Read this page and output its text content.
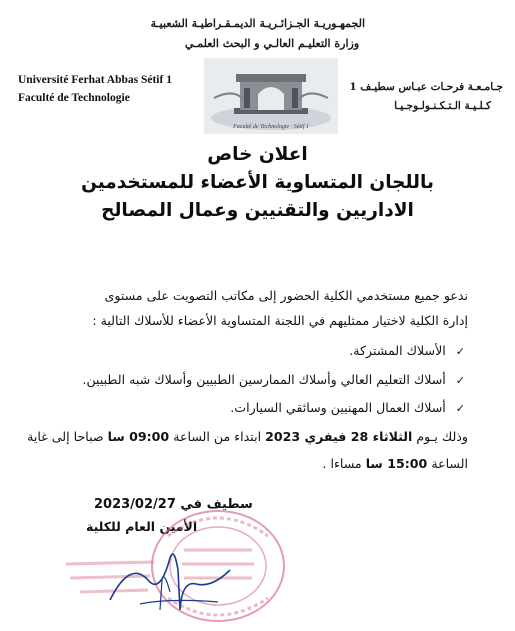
الجمهـوريـة الجـزائـريـة الديمـقـراطيـة الشعبيـة
وزارة التعليـم العالـي و البحث العلمـي
Université Ferhat Abbas Sétif 1
Faculté de Technologie
جـامـعـة فرحـات عبـاس سطيـف 1
كـلـيـة الـتـكـنـولـوجـيـا
Faculté de Technologie · Sétif 1
اعلان خاص
باللجان المتساوية الأعضاء للمستخدمين
الاداريين والتقنيين وعمال المصالح
ندعو جميع مستخدمي الكلية الحضور إلى مكاتب التصويت على مستوى
إدارة الكلية لاختيار ممثليهم في اللجنة المتساوية الأعضاء للأسلاك التالية :
✓الأسلاك المشتركة.
✓أسلاك التعليم العالي وأسلاك الممارسين الطبيين وأسلاك شبه الطبيين.
✓أسلاك العمال المهنيين وسائقي السيارات.
وذلك يـوم الثلاثاء 28 فيفري 2023 ابتداء من الساعة 09:00 سا صباحا إلى غاية
الساعة 15:00 سا مساءا .
سطيف في 2023/02/27
الأمين العام للكلية
